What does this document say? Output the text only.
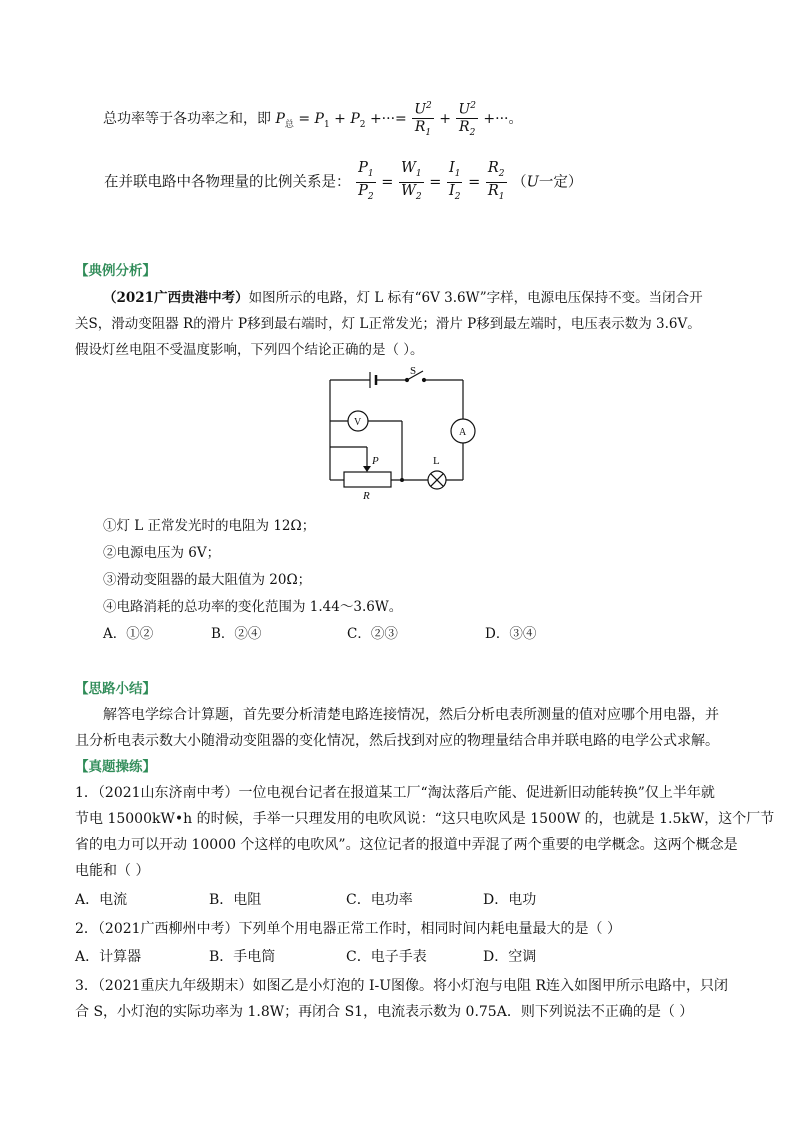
总功率等于各功率之和，即 $P_总 = P_1 + P_2$ +···= $\frac{U^2}{R_1} + \frac{U^2}{R_2}$ +···。
在并联电路中各物理量的比例关系是： $\frac{P_1}{P_2} = \frac{W_1}{W_2} = \frac{I_1}{I_2} = \frac{R_2}{R_1} (U$一定）
【典例分析】
（2021广西贵港中考）如图所示的电路，灯 L 标有“6V 3.6W”字样，电源电压保持不变。当闭合开
关S，滑动变阻器 R的滑片 P移到最右端时，灯 L正常发光；滑片 P移到最左端时，电压表示数为 3.6V。
假设灯丝电阻不受温度影响，下列四个结论正确的是（ ）。
S
V
A
L
P
R
①灯 L 正常发光时的电阻为 12Ω；
②电源电压为 6V；
③滑动变阻器的最大阻值为 20Ω；
④电路消耗的总功率的变化范围为 1.44～3.6W。
A．①②	B．②④	C．②③	D．③④
【思路小结】
解答电学综合计算题，首先要分析清楚电路连接情况，然后分析电表所测量的值对应哪个用电器，并
且分析电表示数大小随滑动变阻器的变化情况，然后找到对应的物理量结合串并联电路的电学公式求解。
【真题操练】
1．（2021山东济南中考）一位电视台记者在报道某工厂“淘汰落后产能、促进新旧动能转换”仅上半年就
节电 15000kW•h 的时候，手举一只理发用的电吹风说：“这只电吹风是 1500W 的，也就是 1.5kW，这个厂节
省的电力可以开动 10000 个这样的电吹风”。这位记者的报道中弄混了两个重要的电学概念。这两个概念是
电能和（ ）
A．电流	B．电阻	C．电功率	D．电功
2．（2021广西柳州中考）下列单个用电器正常工作时，相同时间内耗电量最大的是（ ）
A．计算器	B．手电筒	C．电子手表	D．空调
3．（2021重庆九年级期末）如图乙是小灯泡的 I-U图像。将小灯泡与电阻 R连入如图甲所示电路中，只闭
合 S，小灯泡的实际功率为 1.8W；再闭合 S1，电流表示数为 0.75A．则下列说法不正确的是（ ）
